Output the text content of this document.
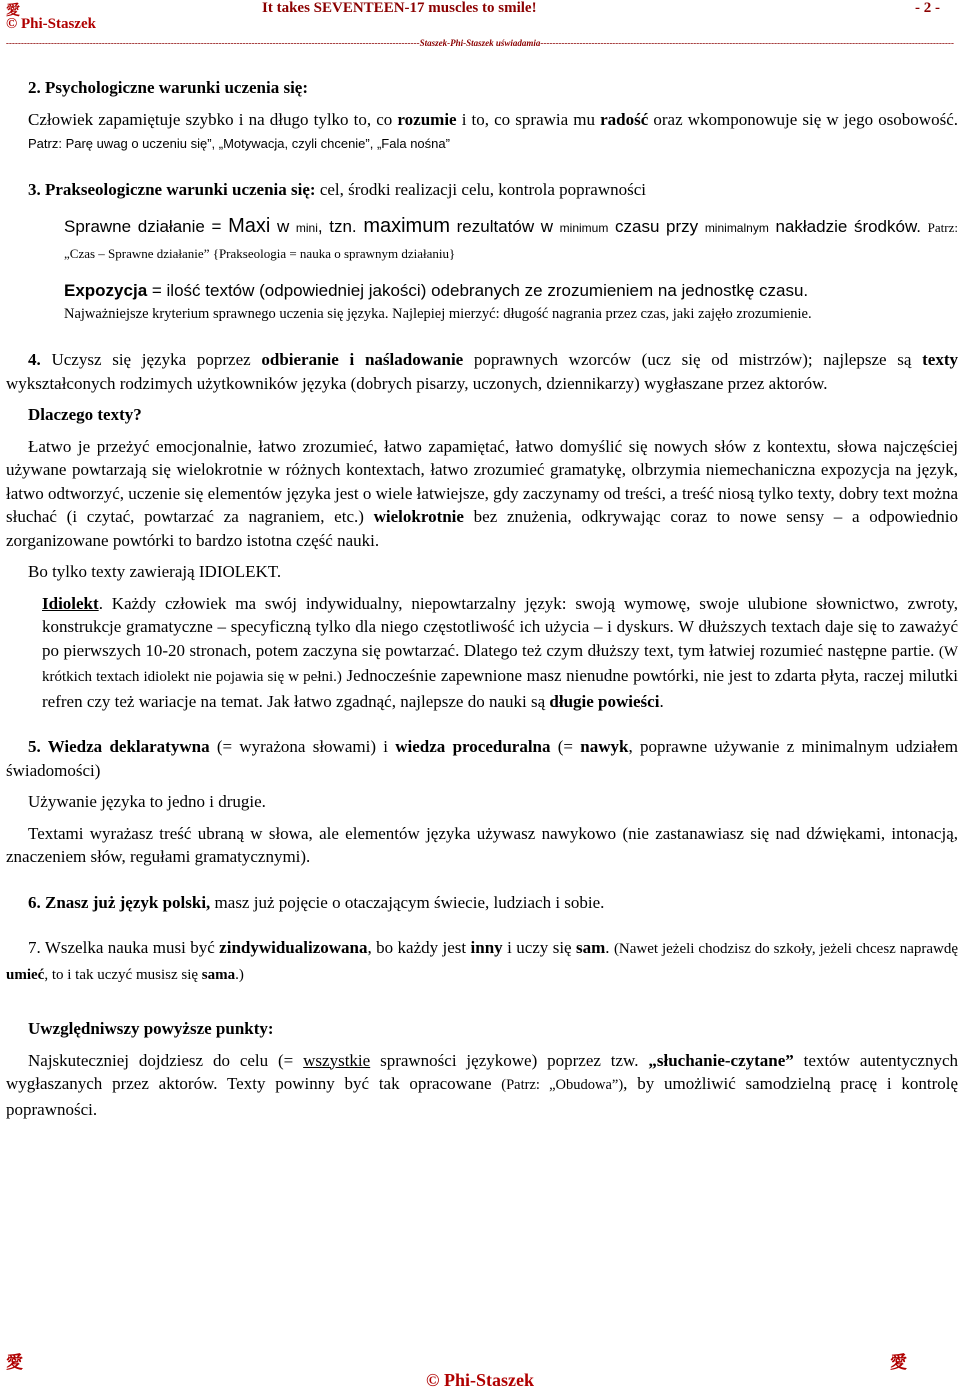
愛
© Phi-Staszek
It takes SEVENTEEN-17 muscles to smile!	- 2 -
------------------------------------------------------------------------------------------------------------------------------------------Staszek-Phi-Staszek uświadamia------------------------------------------------------------------------------------------------------------------------------------------

2. Psychologiczne warunki uczenia się:

Człowiek zapamiętuje szybko i na długo tylko to, co rozumie i to, co sprawia mu radość oraz wkomponowuje się w jego osobowość. Patrz: Parę uwag o uczeniu się”, „Motywacja, czyli chcenie”, „Fala nośna”

3. Prakseologiczne warunki uczenia się: cel, środki realizacji celu, kontrola poprawności

Sprawne działanie = Maxi w mini, tzn. maximum rezultatów w minimum czasu przy minimalnym nakładzie środków. Patrz: „Czas – Sprawne działanie” {Prakseologia = nauka o sprawnym działaniu}

Expozycja = ilość textów (odpowiedniej jakości) odebranych ze zrozumieniem na jednostkę czasu.

Najważniejsze kryterium sprawnego uczenia się języka. Najlepiej mierzyć: długość nagrania przez czas, jaki zajęło zrozumienie.

4. Uczysz się języka poprzez odbieranie i naśladowanie poprawnych wzorców (ucz się od mistrzów); najlepsze są texty wykształconych rodzimych użytkowników języka (dobrych pisarzy, uczonych, dziennikarzy) wygłaszane przez aktorów.

Dlaczego texty?

Łatwo je przeżyć emocjonalnie, łatwo zrozumieć, łatwo zapamiętać, łatwo domyślić się nowych słów z kontextu, słowa najczęściej używane powtarzają się wielokrotnie w różnych kontextach, łatwo zrozumieć gramatykę, olbrzymia niemechaniczna expozycja na język, łatwo odtworzyć, uczenie się elementów języka jest o wiele łatwiejsze, gdy zaczynamy od treści, a treść niosą tylko texty, dobry text można słuchać (i czytać, powtarzać za nagraniem, etc.) wielokrotnie bez znużenia, odkrywając coraz to nowe sensy – a odpowiednio zorganizowane powtórki to bardzo istotna część nauki.

Bo tylko texty zawierają IDIOLEKT.

Idiolekt. Każdy człowiek ma swój indywidualny, niepowtarzalny język: swoją wymowę, swoje ulubione słownictwo, zwroty, konstrukcje gramatyczne – specyficzną tylko dla niego częstotliwość ich użycia – i dyskurs. W dłuższych textach daje się to zaważyć po pierwszych 10-20 stronach, potem zaczyna się powtarzać. Dlatego też czym dłuższy text, tym łatwiej rozumieć następne partie. (W krótkich textach idiolekt nie pojawia się w pełni.) Jednocześnie zapewnione masz nienudne powtórki, nie jest to zdarta płyta, raczej milutki refren czy też wariacje na temat. Jak łatwo zgadnąć, najlepsze do nauki są długie powieści.

5. Wiedza deklaratywna (= wyrażona słowami) i wiedza proceduralna (= nawyk, poprawne używanie z minimalnym udziałem świadomości)

Używanie języka to jedno i drugie.

Textami wyrażasz treść ubraną w słowa, ale elementów języka używasz nawykowo (nie zastanawiasz się nad dźwiękami, intonacją, znaczeniem słów, regułami gramatycznymi).

6. Znasz już język polski, masz już pojęcie o otaczającym świecie, ludziach i sobie.

7. Wszelka nauka musi być zindywidualizowana, bo każdy jest inny i uczy się sam. (Nawet jeżeli chodzisz do szkoły, jeżeli chcesz naprawdę umieć, to i tak uczyć musisz się sama.)

Uwzględniwszy powyższe punkty:

Najskuteczniej dojdziesz do celu (= wszystkie sprawności językowe) poprzez tzw. „słuchanie-czytane” textów autentycznych wygłaszanych przez aktorów. Texty powinny być tak opracowane (Patrz: „Obudowa”), by umożliwić samodzielną pracę i kontrolę poprawności.

愛	愛
© Phi-Staszek
